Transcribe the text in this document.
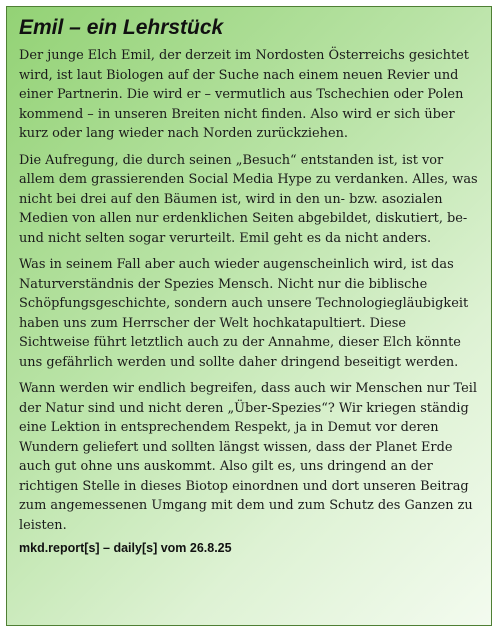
Emil – ein Lehrstück

Der junge Elch Emil, der derzeit im Nordosten Österreichs gesichtet wird, ist laut Biologen auf der Suche nach einem neuen Revier und einer Partnerin. Die wird er – vermutlich aus Tschechien oder Polen kommend – in unseren Breiten nicht finden. Also wird er sich über kurz oder lang wieder nach Norden zurückziehen.

Die Aufregung, die durch seinen „Besuch“ entstanden ist, ist vor allem dem grassierenden Social Media Hype zu verdanken. Alles, was nicht bei drei auf den Bäumen ist, wird in den un- bzw. asozialen Medien von allen nur erdenklichen Seiten abgebildet, diskutiert, be- und nicht selten sogar verurteilt. Emil geht es da nicht anders.

Was in seinem Fall aber auch wieder augenscheinlich wird, ist das Naturverständnis der Spezies Mensch. Nicht nur die biblische Schöpfungsgeschichte, sondern auch unsere Technologiegläubigkeit haben uns zum Herrscher der Welt hochkatapultiert. Diese Sichtweise führt letztlich auch zu der Annahme, dieser Elch könnte uns gefährlich werden und sollte daher dringend beseitigt werden.

Wann werden wir endlich begreifen, dass auch wir Menschen nur Teil der Natur sind und nicht deren „Über-Spezies“? Wir kriegen ständig eine Lektion in entsprechendem Respekt, ja in Demut vor deren Wundern geliefert und sollten längst wissen, dass der Planet Erde auch gut ohne uns auskommt. Also gilt es, uns dringend an der richtigen Stelle in dieses Biotop einordnen und dort unseren Beitrag zum angemessenen Umgang mit dem und zum Schutz des Ganzen zu leisten.

mkd.report[s] – daily[s] vom 26.8.25
